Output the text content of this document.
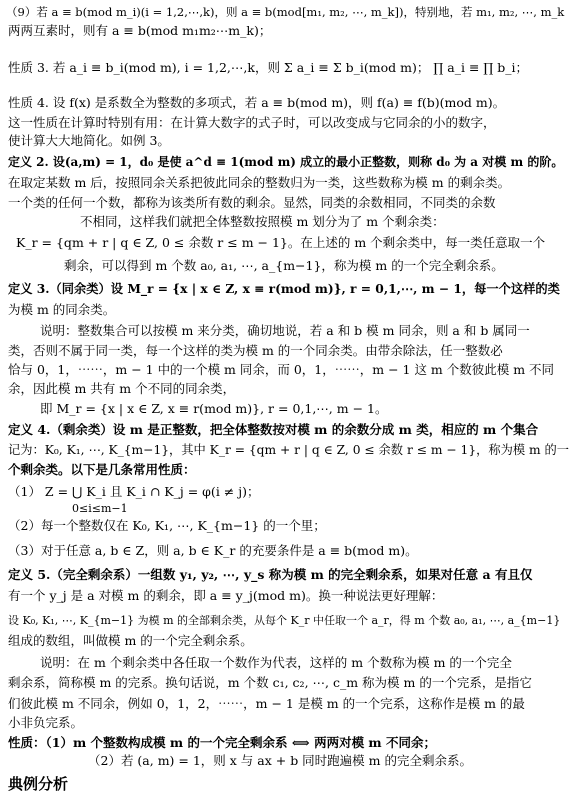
（9）若 a ≡ b(mod m_i)(i = 1,2,⋯,k)，则 a ≡ b(mod[m₁, m₂, ⋯, m_k])，特别地，若 m₁, m₂, ⋯, m_k
两两互素时，则有 a ≡ b(mod m₁m₂⋯m_k)；
性质 3. 若 a_i ≡ b_i(mod m), i = 1,2,⋯,k，则 Σ a_i ≡ Σ b_i(mod m)； ∏ a_i ≡ ∏ b_i；
性质 4. 设 f(x) 是系数全为整数的多项式，若 a ≡ b(mod m)，则 f(a) ≡ f(b)(mod m)。
这一性质在计算时特别有用：在计算大数字的式子时，可以改变成与它同余的小的数字，
使计算大大地简化。如例 3。
定义 2. 设(a,m) = 1，d₀ 是使 a^d ≡ 1(mod m) 成立的最小正整数，则称 d₀ 为 a 对模 m 的阶。
在取定某数 m 后，按照同余关系把彼此同余的整数归为一类，这些数称为模 m 的剩余类。
一个类的任何一个数，都称为该类所有数的剩余。显然，同类的余数相同，不同类的余数
不相同，这样我们就把全体整数按照模 m 划分为了 m 个剩余类：
K_r = {qm + r | q ∈ Z, 0 ≤ 余数 r ≤ m − 1}。在上述的 m 个剩余类中，每一类任意取一个
剩余，可以得到 m 个数 a₀, a₁, ⋯, a_{m−1}，称为模 m 的一个完全剩余系。
定义 3.（同余类）设 M_r = {x | x ∈ Z, x ≡ r(mod m)}, r = 0,1,⋯, m − 1，每一个这样的类
为模 m 的同余类。
说明：整数集合可以按模 m 来分类，确切地说，若 a 和 b 模 m 同余，则 a 和 b 属同一
类，否则不属于同一类，每一个这样的类为模 m 的一个同余类。由带余除法，任一整数必
恰与 0，1，⋯⋯，m − 1 中的一个模 m 同余，而 0，1，⋯⋯，m − 1 这 m 个数彼此模 m 不同
余，因此模 m 共有 m 个不同的同余类，
即 M_r = {x | x ∈ Z, x ≡ r(mod m)}, r = 0,1,⋯, m − 1。
定义 4.（剩余类）设 m 是正整数，把全体整数按对模 m 的余数分成 m 类，相应的 m 个集合
记为：K₀, K₁, ⋯, K_{m−1}，其中 K_r = {qm + r | q ∈ Z, 0 ≤ 余数 r ≤ m − 1}，称为模 m 的一
个剩余类。以下是几条常用性质：
（1） Z = ⋃ K_i 且 K_i ∩ K_j = φ(i ≠ j)；
0≤i≤m−1
（2）每一个整数仅在 K₀, K₁, ⋯, K_{m−1} 的一个里；
（3）对于任意 a, b ∈ Z，则 a, b ∈ K_r 的充要条件是 a ≡ b(mod m)。
定义 5.（完全剩余系）一组数 y₁, y₂, ⋯, y_s 称为模 m 的完全剩余系，如果对任意 a 有且仅
有一个 y_j 是 a 对模 m 的剩余，即 a ≡ y_j(mod m)。换一种说法更好理解：
设 K₀, K₁, ⋯, K_{m−1} 为模 m 的全部剩余类，从每个 K_r 中任取一个 a_r，得 m 个数 a₀, a₁, ⋯, a_{m−1}
组成的数组，叫做模 m 的一个完全剩余系。
说明：在 m 个剩余类中各任取一个数作为代表，这样的 m 个数称为模 m 的一个完全
剩余系，简称模 m 的完系。换句话说，m 个数 c₁, c₂, ⋯, c_m 称为模 m 的一个完系，是指它
们彼此模 m 不同余，例如 0，1，2，⋯⋯，m − 1 是模 m 的一个完系，这称作是模 m 的最
小非负完系。
性质：（1）m 个整数构成模 m 的一个完全剩余系 ⟺ 两两对模 m 不同余；
（2）若 (a, m) = 1，则 x 与 ax + b 同时跑遍模 m 的完全剩余系。
典例分析
